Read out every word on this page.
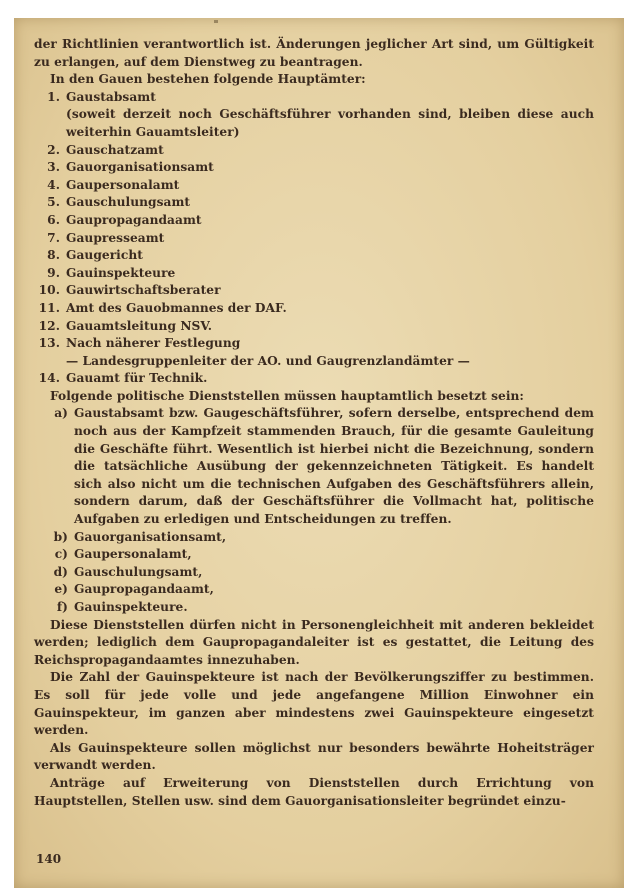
der Richtlinien verantwortlich ist. Änderungen jeglicher Art sind, um Gültigkeit zu erlangen, auf dem Dienstweg zu beantragen.

In den Gauen bestehen folgende Hauptämter:

1. Gaustabsamt
(soweit derzeit noch Geschäftsführer vorhanden sind, bleiben diese auch weiterhin Gauamtsleiter)
2. Gauschatzamt
3. Gauorganisationsamt
4. Gaupersonalamt
5. Gauschulungsamt
6. Gaupropagandaamt
7. Gaupresseamt
8. Gaugericht
9. Gauinspekteure
10. Gauwirtschaftsberater
11. Amt des Gauobmannes der DAF.
12. Gauamtsleitung NSV.
13. Nach näherer Festlegung
— Landesgruppenleiter der AO. und Gaugrenzlandämter —
14. Gauamt für Technik.

Folgende politische Dienststellen müssen hauptamtlich besetzt sein:

a) Gaustabsamt bzw. Gaugeschäftsführer, sofern derselbe, entsprechend dem noch aus der Kampfzeit stammenden Brauch, für die gesamte Gauleitung die Geschäfte führt. Wesentlich ist hierbei nicht die Bezeichnung, sondern die tatsächliche Ausübung der gekennzeichneten Tätigkeit. Es handelt sich also nicht um die technischen Aufgaben des Geschäftsführers allein, sondern darum, daß der Geschäftsführer die Vollmacht hat, politische Aufgaben zu erledigen und Entscheidungen zu treffen.
b) Gauorganisationsamt,
c) Gaupersonalamt,
d) Gauschulungsamt,
e) Gaupropagandaamt,
f) Gauinspekteure.

Diese Dienststellen dürfen nicht in Personengleichheit mit anderen bekleidet werden; lediglich dem Gaupropagandaleiter ist es gestattet, die Leitung des Reichspropagandaamtes innezuhaben.

Die Zahl der Gauinspekteure ist nach der Bevölkerungsziffer zu bestimmen. Es soll für jede volle und jede angefangene Million Einwohner ein Gauinspekteur, im ganzen aber mindestens zwei Gauinspekteure eingesetzt werden.

Als Gauinspekteure sollen möglichst nur besonders bewährte Hoheitsträger verwandt werden.

Anträge auf Erweiterung von Dienststellen durch Errichtung von Hauptstellen, Stellen usw. sind dem Gauorganisationsleiter begründet einzu-

140
